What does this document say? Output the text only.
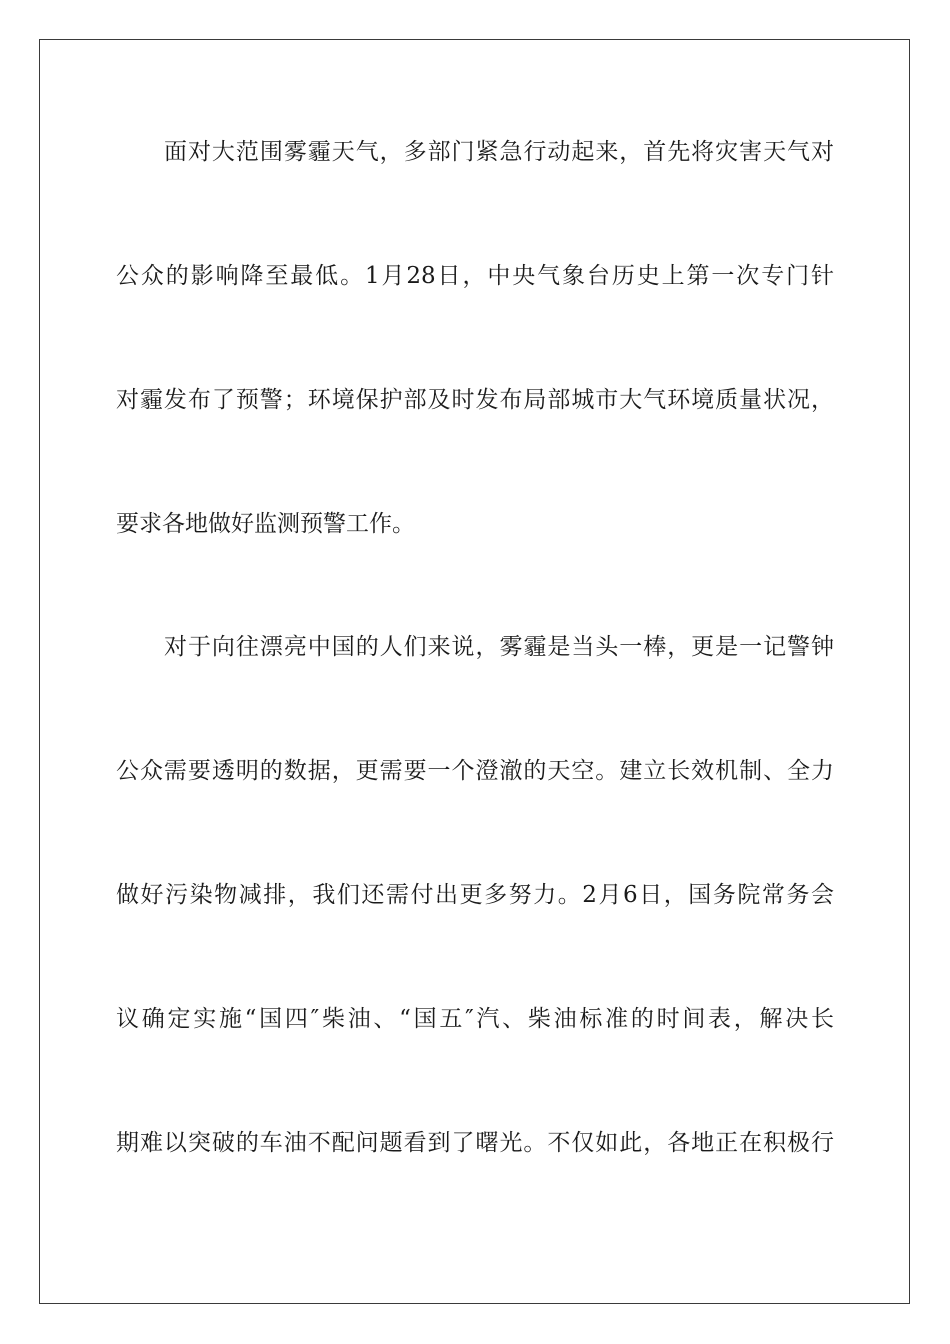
面对大范围雾霾天气，多部门紧急行动起来，首先将灾害天气对
公众的影响降至最低。1月28日，中央气象台历史上第一次专门针
对霾发布了预警；环境保护部及时发布局部城市大气环境质量状况，
要求各地做好监测预警工作。
对于向往漂亮中国的人们来说，雾霾是当头一棒，更是一记警钟
公众需要透明的数据，更需要一个澄澈的天空。建立长效机制、全力
做好污染物减排，我们还需付出更多努力。2月6日，国务院常务会
议确定实施“国四″柴油、“国五″汽、柴油标准的时间表，解决长
期难以突破的车油不配问题看到了曙光。不仅如此，各地正在积极行
